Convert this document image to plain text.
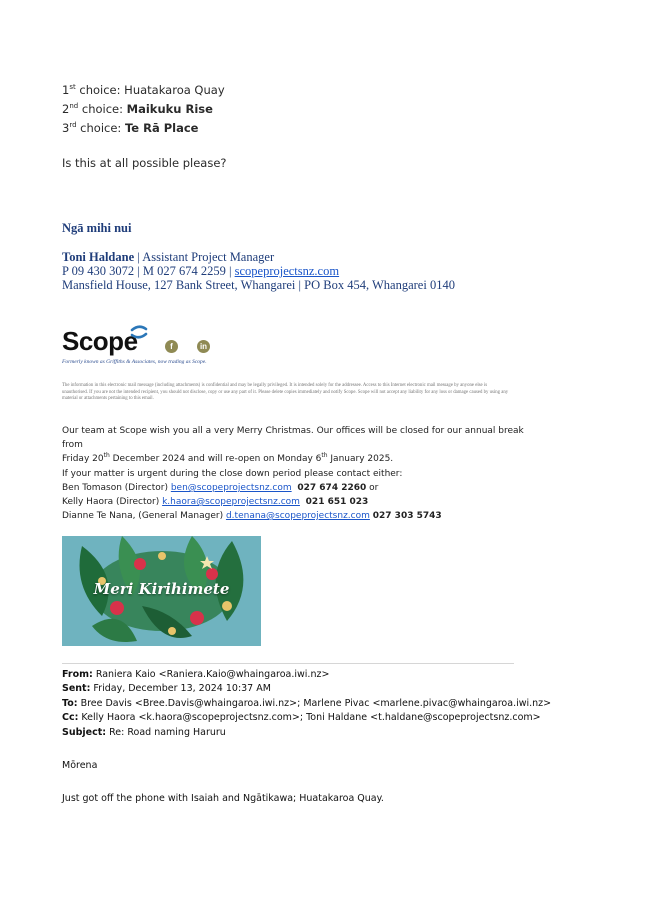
1st choice: Huatakaroa Quay
2nd choice: Maikuku Rise
3rd choice: Te Rā Place
Is this at all possible please?
Ngā mihi nui
Toni Haldane | Assistant Project Manager
P 09 430 3072 | M 027 674 2259 | scopeprojectsnz.com
Mansfield House, 127 Bank Street, Whangarei | PO Box 454, Whangarei 0140
Scope	f	in
Formerly known as Griffiths & Associates, now trading as Scope.
The information in this electronic mail message (including attachments) is confidential and may be legally privileged. It is intended solely for the addressee. Access to this Internet electronic mail message by anyone else is unauthorised. If you are not the intended recipient, you should not disclose, copy or use any part of it. Please delete copies immediately and notify Scope. Scope will not accept any liability for any loss or damage caused by using any material or attachments pertaining to this email.
Our team at Scope wish you all a very Merry Christmas. Our offices will be closed for our annual break
from
Friday 20th December 2024 and will re-open on Monday 6th January 2025.
If your matter is urgent during the close down period please contact either:
Ben Tomason (Director) ben@scopeprojectsnz.com 027 674 2260 or
Kelly Haora (Director) k.haora@scopeprojectsnz.com 021 651 023
Dianne Te Nana, (General Manager) d.tenana@scopeprojectsnz.com 027 303 5743
Meri Kirihimete
From: Raniera Kaio <Raniera.Kaio@whaingaroa.iwi.nz>
Sent: Friday, December 13, 2024 10:37 AM
To: Bree Davis <Bree.Davis@whaingaroa.iwi.nz>; Marlene Pivac <marlene.pivac@whaingaroa.iwi.nz>
Cc: Kelly Haora <k.haora@scopeprojectsnz.com>; Toni Haldane <t.haldane@scopeprojectsnz.com>
Subject: Re: Road naming Haruru
Mōrena
Just got off the phone with Isaiah and Ngātikawa; Huatakaroa Quay.
